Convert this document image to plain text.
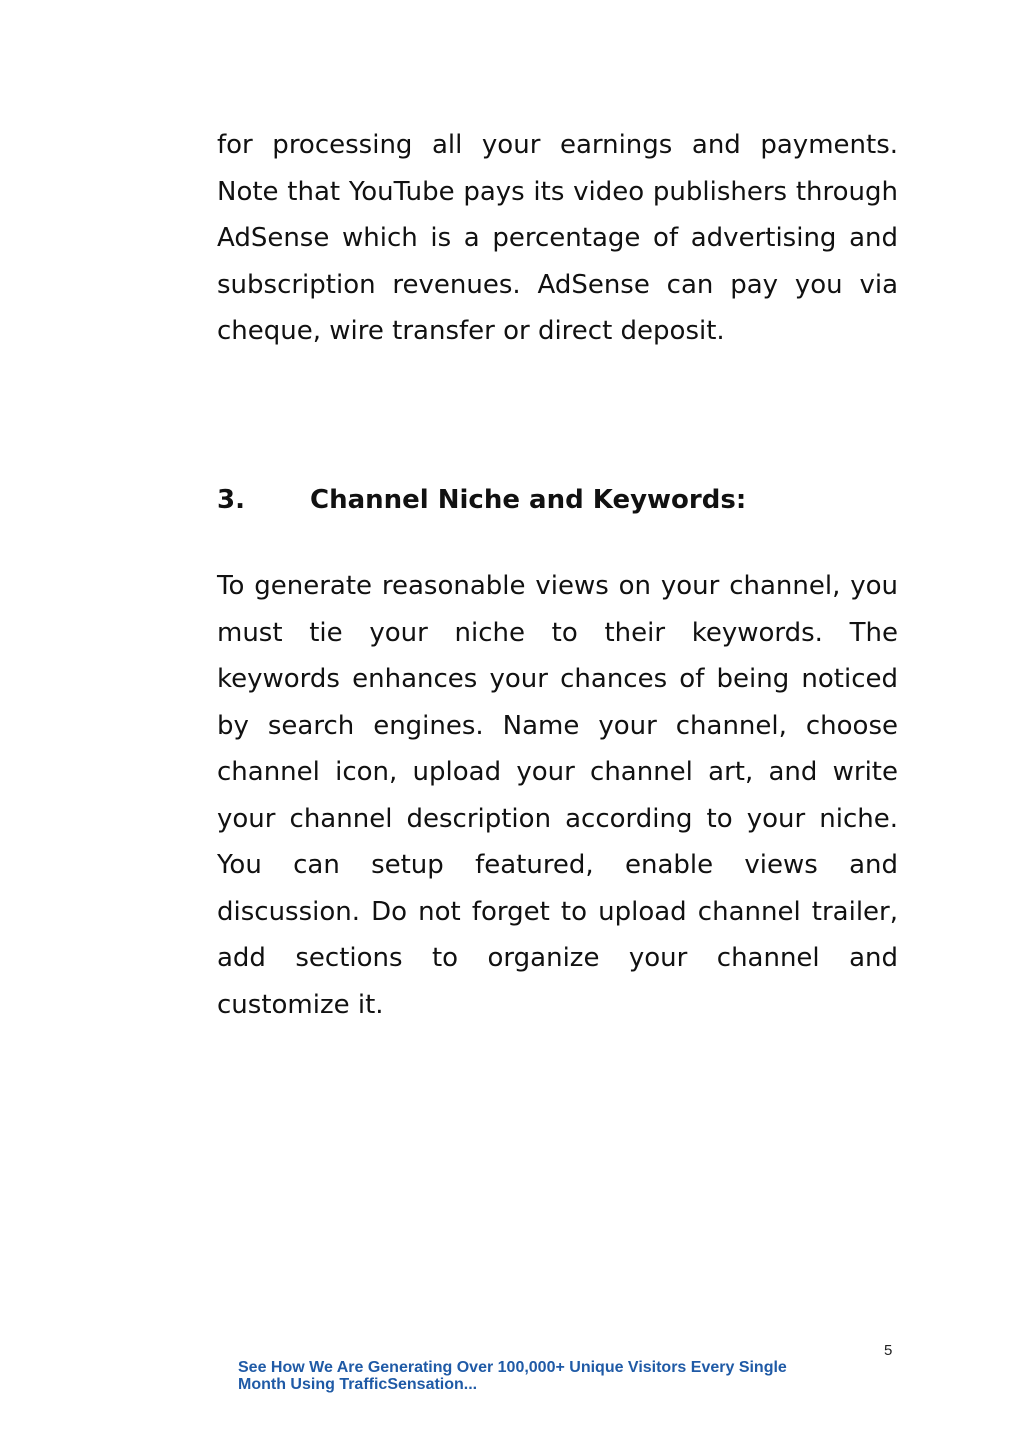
for processing all your earnings and payments. Note that YouTube pays its video publishers through AdSense which is a percentage of advertising and subscription revenues. AdSense can pay you via cheque, wire transfer or direct deposit.

3.	Channel Niche and Keywords:

To generate reasonable views on your channel, you must tie your niche to their keywords. The keywords enhances your chances of being noticed by search engines. Name your channel, choose channel icon, upload your channel art, and write your channel description according to your niche. You can setup featured, enable views and discussion. Do not forget to upload channel trailer, add sections to organize your channel and customize it.

5
See How We Are Generating Over 100,000+ Unique Visitors Every Single
Month Using TrafficSensation...
